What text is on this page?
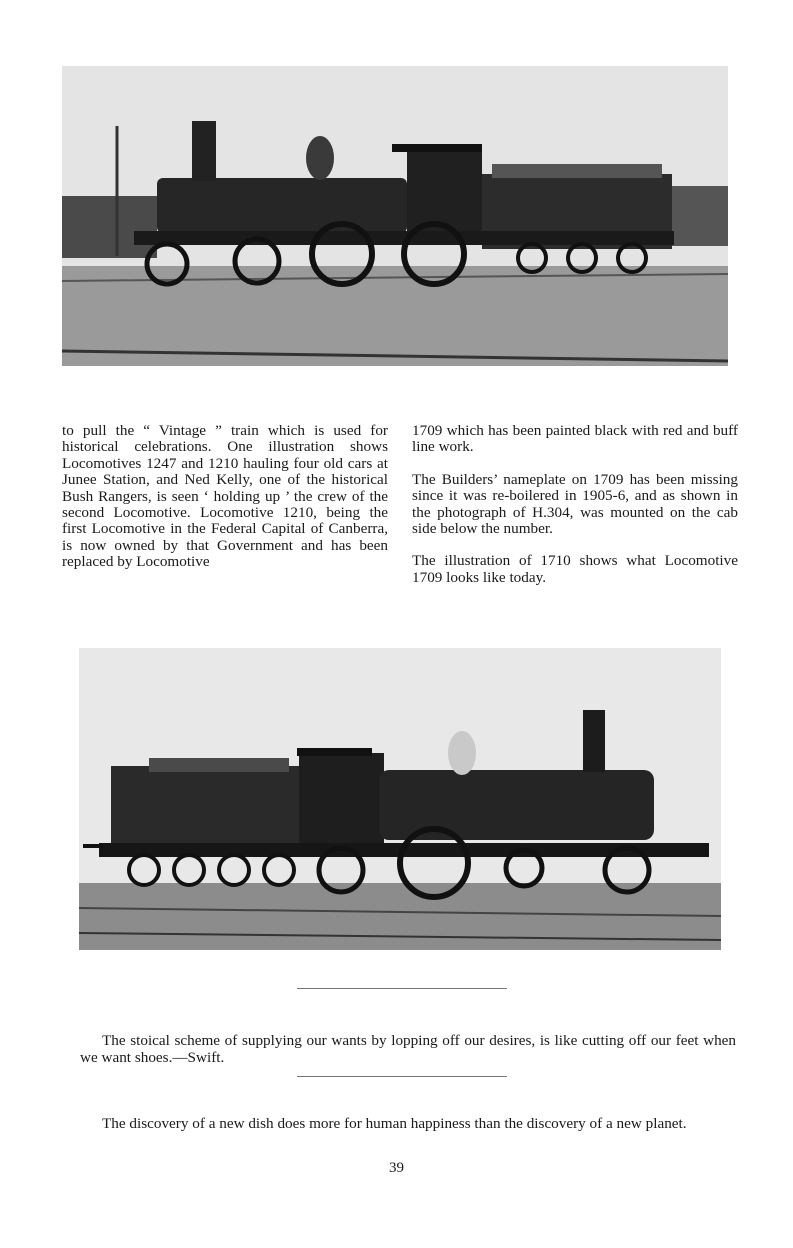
to pull the “ Vintage ” train which is used for historical celebrations. One illustration shows Locomotives 1247 and 1210 hauling four old cars at Junee Station, and Ned Kelly, one of the historical Bush Rangers, is seen ‘ holding up ’ the crew of the second Locomotive. Locomotive 1210, being the first Locomotive in the Federal Capital of Canberra, is now owned by that Government and has been replaced by Locomotive

1709 which has been painted black with red and buff line work.

The Builders’ nameplate on 1709 has been missing since it was re-boilered in 1905-6, and as shown in the photograph of H.304, was mounted on the cab side below the number.

The illustration of 1710 shows what Locomotive 1709 looks like today.

The stoical scheme of supplying our wants by lopping off our desires, is like cutting off our feet when we want shoes.—Swift.

The discovery of a new dish does more for human happiness than the discovery of a new planet.

39
